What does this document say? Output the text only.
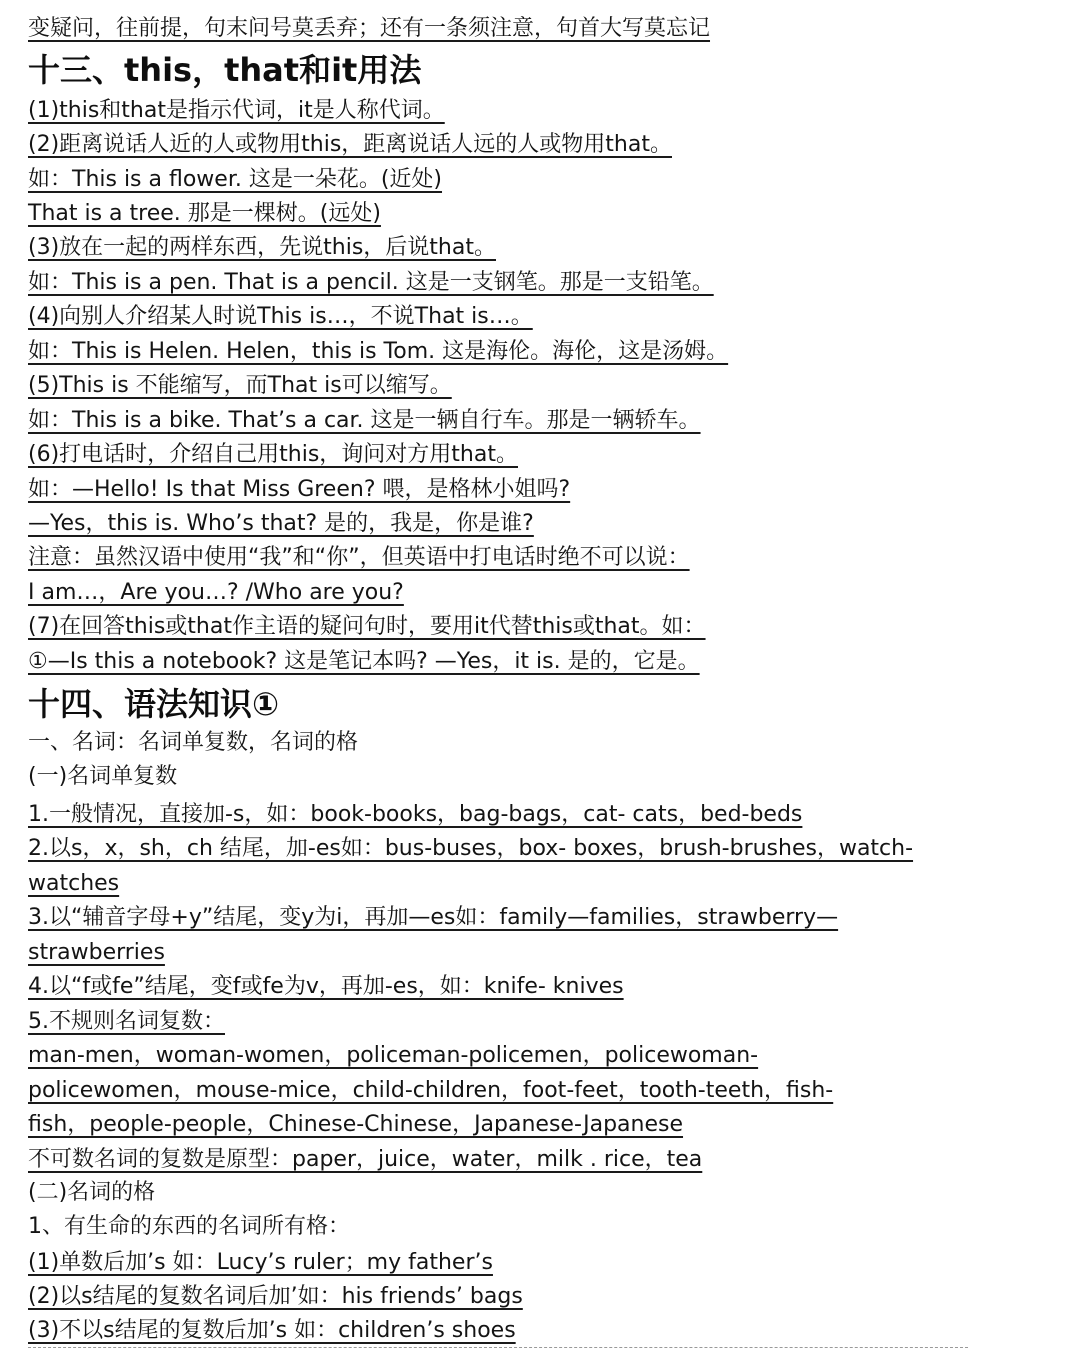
变疑问，往前提，句末问号莫丢弃；还有一条须注意，句首大写莫忘记
十三、this，that和it用法
(1)this和that是指示代词，it是人称代词。
(2)距离说话人近的人或物用this，距离说话人远的人或物用that。
如：This is a flower. 这是一朵花。(近处)
That is a tree. 那是一棵树。(远处)
(3)放在一起的两样东西，先说this，后说that。
如：This is a pen. That is a pencil. 这是一支钢笔。那是一支铅笔。
(4)向别人介绍某人时说This is…，不说That is…。
如：This is Helen. Helen，this is Tom. 这是海伦。海伦，这是汤姆。
(5)This is 不能缩写，而That is可以缩写。
如：This is a bike. That’s a car. 这是一辆自行车。那是一辆轿车。
(6)打电话时，介绍自己用this，询问对方用that。
如：—Hello! Is that Miss Green? 喂，是格林小姐吗?
—Yes，this is. Who’s that? 是的，我是，你是谁?
注意：虽然汉语中使用“我”和“你”，但英语中打电话时绝不可以说：
I am…，Are you…? /Who are you?
(7)在回答this或that作主语的疑问句时，要用it代替this或that。如：
①—Is this a notebook? 这是笔记本吗? —Yes，it is. 是的，它是。
十四、语法知识①
一、名词：名词单复数，名词的格
(一)名词单复数
1.一般情况，直接加-s，如：book-books，bag-bags，cat- cats，bed-beds
2.以s，x，sh，ch 结尾，加-es如：bus-buses，box- boxes，brush-brushes，watch-
watches
3.以“辅音字母+y”结尾，变y为i，再加—es如：family—families，strawberry—
strawberries
4.以“f或fe”结尾，变f或fe为v，再加-es，如：knife- knives
5.不规则名词复数：
man-men，woman-women，policeman-policemen，policewoman-
policewomen，mouse-mice，child-children，foot-feet，tooth-teeth，fish-
fish，people-people，Chinese-Chinese，Japanese-Japanese
不可数名词的复数是原型：paper，juice，water，milk . rice，tea
(二)名词的格
1、有生命的东西的名词所有格：
(1)单数后加’s 如：Lucy’s ruler；my father’s
(2)以s结尾的复数名词后加’如：his friends’ bags
(3)不以s结尾的复数后加’s 如：children’s shoes
